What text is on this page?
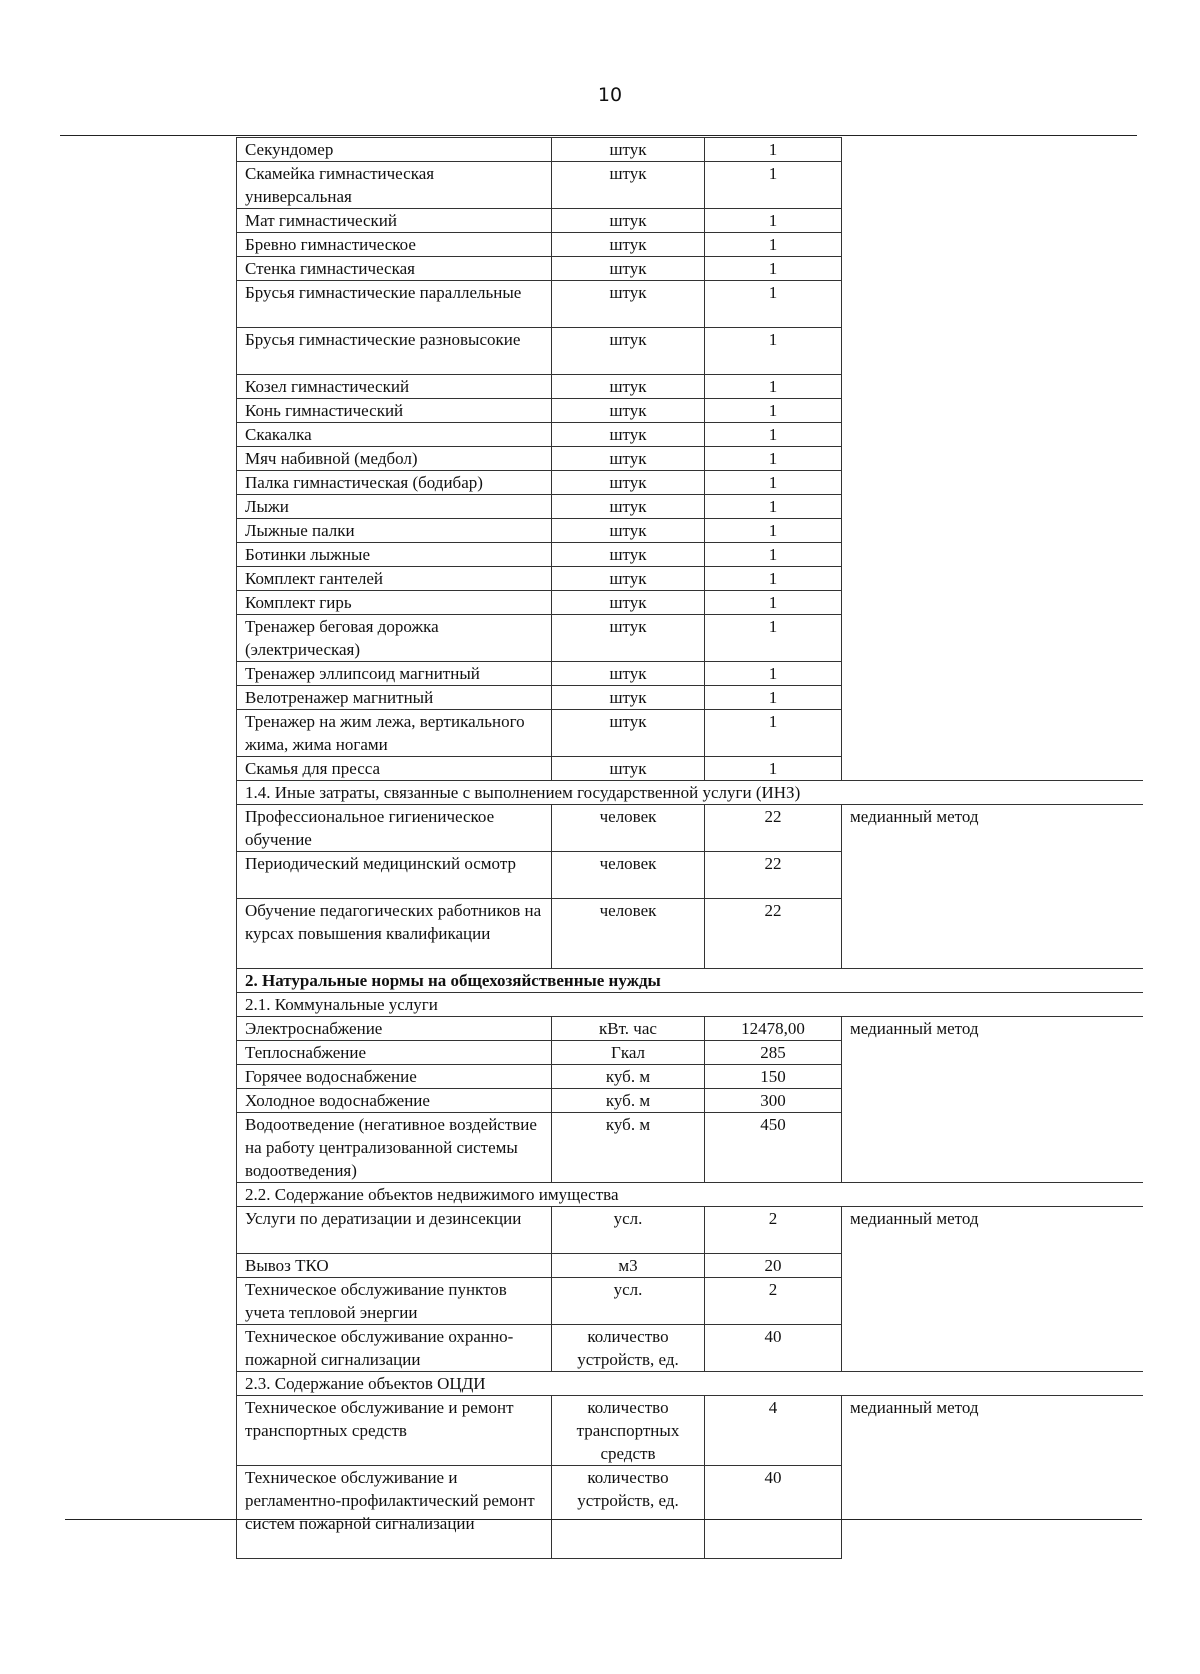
10
Секундомер	штук	1	
Скамейка гимнастическая универсальная	штук	1	
Мат гимнастический	штук	1	
Бревно гимнастическое	штук	1	
Стенка гимнастическая	штук	1	
Брусья гимнастические параллельные	штук	1	
Брусья гимнастические разновысокие	штук	1	
Козел гимнастический	штук	1	
Конь гимнастический	штук	1	
Скакалка	штук	1	
Мяч набивной (медбол)	штук	1	
Палка гимнастическая (бодибар)	штук	1	
Лыжи	штук	1	
Лыжные палки	штук	1	
Ботинки лыжные	штук	1	
Комплект гантелей	штук	1	
Комплект гирь	штук	1	
Тренажер беговая дорожка (электрическая)	штук	1	
Тренажер эллипсоид магнитный	штук	1	
Велотренажер магнитный	штук	1	
Тренажер на жим лежа, вертикального жима, жима ногами	штук	1	
Скамья для пресса	штук	1	
1.4. Иные затраты, связанные с выполнением государственной услуги (ИНЗ)			
Профессиональное гигиеническое обучение	человек	22	медианный метод
Периодический медицинский осмотр	человек	22	
Обучение педагогических работников на курсах повышения квалификации	человек	22	
2. Натуральные нормы на общехозяйственные нужды			
2.1. Коммунальные услуги			
Электроснабжение	кВт. час	12478,00	медианный метод
Теплоснабжение	Гкал	285	
Горячее водоснабжение	куб. м	150	
Холодное водоснабжение	куб. м	300	
Водоотведение (негативное воздействие на работу централизованной системы водоотведения)	куб. м	450	
2.2. Содержание объектов недвижимого имущества			
Услуги по дератизации и дезинсекции	усл.	2	медианный метод
Вывоз ТКО	м3	20	
Техническое обслуживание пунктов учета тепловой энергии	усл.	2	
Техническое обслуживание охранно-пожарной сигнализации	количество устройств, ед.	40	
2.3. Содержание объектов ОЦДИ			
Техническое обслуживание и ремонт транспортных средств	количество транспортных средств	4	медианный метод
Техническое обслуживание и регламентно-профилактический ремонт систем пожарной сигнализации	количество устройств, ед.	40	
